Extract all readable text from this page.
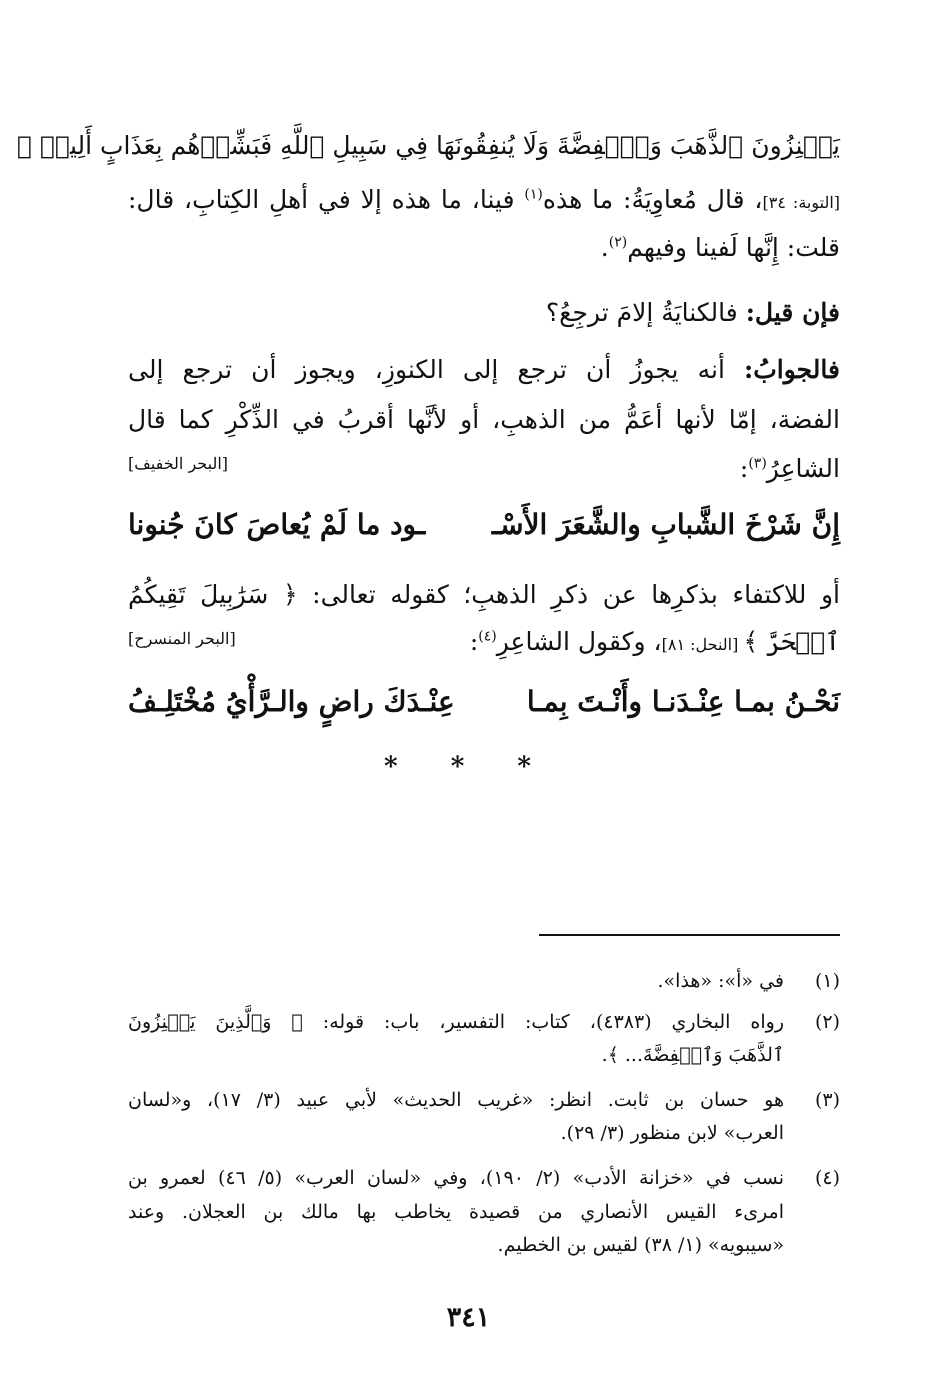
يَكۡنِزُونَ ٱلذَّهَبَ وَٱلۡفِضَّةَ وَلَا يُنفِقُونَهَا فِي سَبِيلِ ٱللَّهِ فَبَشِّرۡهُم بِعَذَابٍ أَلِيمٖ ﴾
[التوبة: ٣٤]، قال مُعاوِيَةُ: ما هذه$^{(١)}$ فينا، ما هذه إلا في أهلِ الكِتابِ، قال:
قلت: إِنَّها لَفينا وفيهم$^{(٢)}$.
فإن قيل: فالكنايَةُ إلامَ ترجِعُ؟
فالجوابُ: أنه يجوزُ أن ترجع إلى الكنوزِ، ويجوز أن ترجع إلى
الفضة، إمّا لأنها أعَمُّ من الذهبِ، أو لأنَّها أقربُ في الذِّكْرِ كما قال
الشاعِرُ$^{(٣)}$:
[البحر الخفيف]
إِنَّ شَرْخَ الشَّبابِ والشَّعَرَ الأَسْـ
ـود ما لَمْ يُعاصَ كانَ جُنونا
أو للاكتفاء بذكرِها عن ذكرِ الذهبِ؛ كقوله تعالى: ﴿ سَرَٰبِيلَ تَقِيكُمُ
ٱلۡحَرَّ ﴾ [النحل: ٨١]، وكقول الشاعِرِ$^{(٤)}$:
[البحر المنسرح]
نَحْـنُ بمـا عِنْـدَنـا وأَنْـتَ بِمـا
عِنْـدَكَ راضٍ والـرَّأْيُ مُخْتَلِـفُ
* * *
(١)
في «أ»: «هذا».
(٢)
رواه البخاري (٤٣٨٣)، كتاب: التفسير، باب: قوله: ﴿ وَٱلَّذِينَ يَكۡنِزُونَ
ٱلذَّهَبَ وَٱلۡفِضَّةَ... ﴾.
(٣)
هو حسان بن ثابت. انظر: «غريب الحديث» لأبي عبيد (٣/ ١٧)، و«لسان
العرب» لابن منظور (٣/ ٢٩).
(٤)
نسب في «خزانة الأدب» (٢/ ١٩٠)، وفي «لسان العرب» (٥/ ٤٦) لعمرو بن
امرىء القيس الأنصاري من قصيدة يخاطب بها مالك بن العجلان. وعند
«سيبويه» (١/ ٣٨) لقيس بن الخطيم.
٣٤١
